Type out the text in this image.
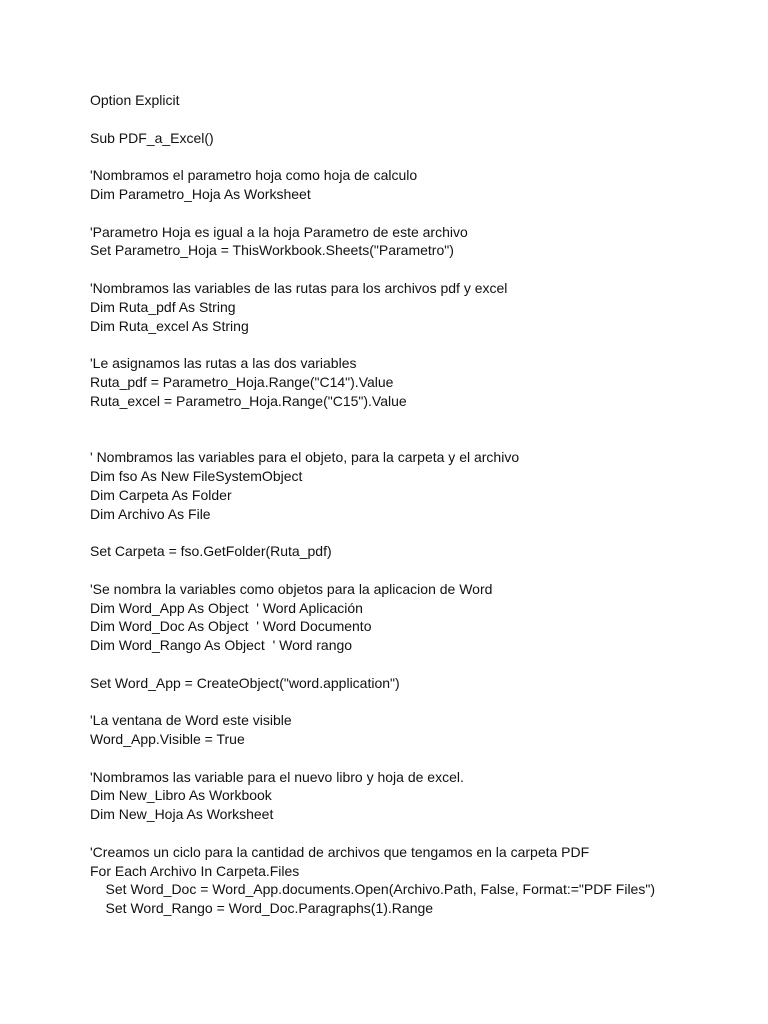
Option Explicit
Sub PDF_a_Excel()
'Nombramos el parametro hoja como hoja de calculo
Dim Parametro_Hoja As Worksheet
'Parametro Hoja es igual a la hoja Parametro de este archivo
Set Parametro_Hoja = ThisWorkbook.Sheets("Parametro")
'Nombramos las variables de las rutas para los archivos pdf y excel
Dim Ruta_pdf As String
Dim Ruta_excel As String
'Le asignamos las rutas a las dos variables
Ruta_pdf = Parametro_Hoja.Range("C14").Value
Ruta_excel = Parametro_Hoja.Range("C15").Value
' Nombramos las variables para el objeto, para la carpeta y el archivo
Dim fso As New FileSystemObject
Dim Carpeta As Folder
Dim Archivo As File
Set Carpeta = fso.GetFolder(Ruta_pdf)
'Se nombra la variables como objetos para la aplicacion de Word
Dim Word_App As Object  ' Word Aplicación
Dim Word_Doc As Object  ' Word Documento
Dim Word_Rango As Object  ' Word rango
Set Word_App = CreateObject("word.application")
'La ventana de Word este visible
Word_App.Visible = True
'Nombramos las variable para el nuevo libro y hoja de excel.
Dim New_Libro As Workbook
Dim New_Hoja As Worksheet
'Creamos un ciclo para la cantidad de archivos que tengamos en la carpeta PDF
For Each Archivo In Carpeta.Files
Set Word_Doc = Word_App.documents.Open(Archivo.Path, False, Format:="PDF Files")
Set Word_Rango = Word_Doc.Paragraphs(1).Range
